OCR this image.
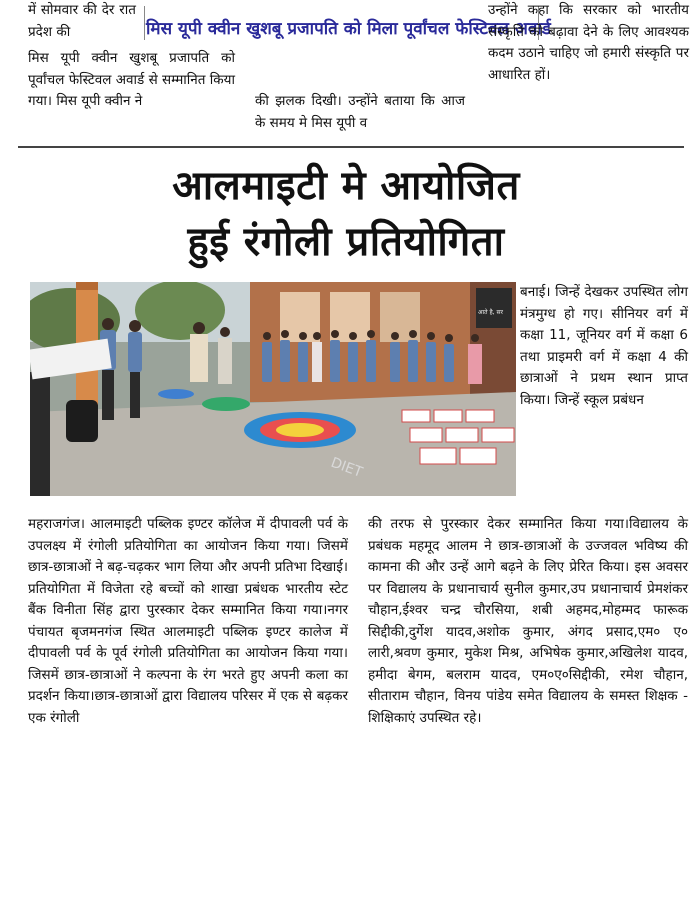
में सोमवार की देर रात प्रदेश की

मिस यूपी क्वीन खुशबू प्रजापति को पूर्वांचल फेस्टिवल अवार्ड से सम्मानित किया गया। मिस यूपी क्वीन ने

मिस यूपी क्वीन खुशबू प्रजापति को मिला पूर्वांचल फेस्टिवल अवार्ड

की झलक दिखी। उन्होंने बताया कि आज के समय मे मिस यूपी व

उन्होंने कहा कि सरकार को भारतीय संस्कृति को बढ़ावा देने के लिए आवश्यक कदम उठाने चाहिए जो हमारी संस्कृति पर आधारित हों।

आलमाइटी मे आयोजित
हुई रंगोली प्रतियोगिता
आते है, सर
DIET

बनाई। जिन्हें देखकर उपस्थित लोग मंत्रमुग्ध हो गए। सीनियर वर्ग में कक्षा 11, जूनियर वर्ग में कक्षा 6 तथा प्राइमरी वर्ग में कक्षा 4 की छात्राओं ने प्रथम स्थान प्राप्त किया। जिन्हें स्कूल प्रबंधन

महराजगंज। आलमाइटी पब्लिक इण्टर कॉलेज में दीपावली पर्व के उपलक्ष्य में रंगोली प्रतियोगिता का आयोजन किया गया। जिसमें छात्र-छात्राओं ने बढ़-चढ़कर भाग लिया और अपनी प्रतिभा दिखाई।प्रतियोगिता में विजेता रहे बच्चों को शाखा प्रबंधक भारतीय स्टेट बैंक विनीता सिंह द्वारा पुरस्कार देकर सम्मानित किया गया।नगर पंचायत बृजमनगंज स्थित आलमाइटी पब्लिक इण्टर कालेज में दीपावली पर्व के पूर्व रंगोली प्रतियोगिता का आयोजन किया गया।जिसमें छात्र-छात्राओं ने कल्पना के रंग भरते हुए अपनी कला का प्रदर्शन किया।छात्र-छात्राओं द्वारा विद्यालय परिसर में एक से बढ़कर एक रंगोली

की तरफ से पुरस्कार देकर सम्मानित किया गया।विद्यालय के प्रबंधक महमूद आलम ने छात्र-छात्राओं के उज्जवल भविष्य की कामना की और उन्हें आगे बढ़ने के लिए प्रेरित किया। इस अवसर पर विद्यालय के प्रधानाचार्य सुनील कुमार,उप प्रधानाचार्य प्रेमशंकर चौहान,ईश्वर चन्द्र चौरसिया, शबी अहमद,मोहम्मद फारूक सिद्दीकी,दुर्गेश यादव,अशोक कुमार, अंगद प्रसाद,एम० ए० लारी,श्रवण कुमार, मुकेश मिश्र, अभिषेक कुमार,अखिलेश यादव, हमीदा बेगम, बलराम यादव, एम०ए०सिद्दीकी, रमेश चौहान, सीताराम चौहान, विनय पांडेय समेत विद्यालय के समस्त शिक्षक - शिक्षिकाएं उपस्थित रहे।
